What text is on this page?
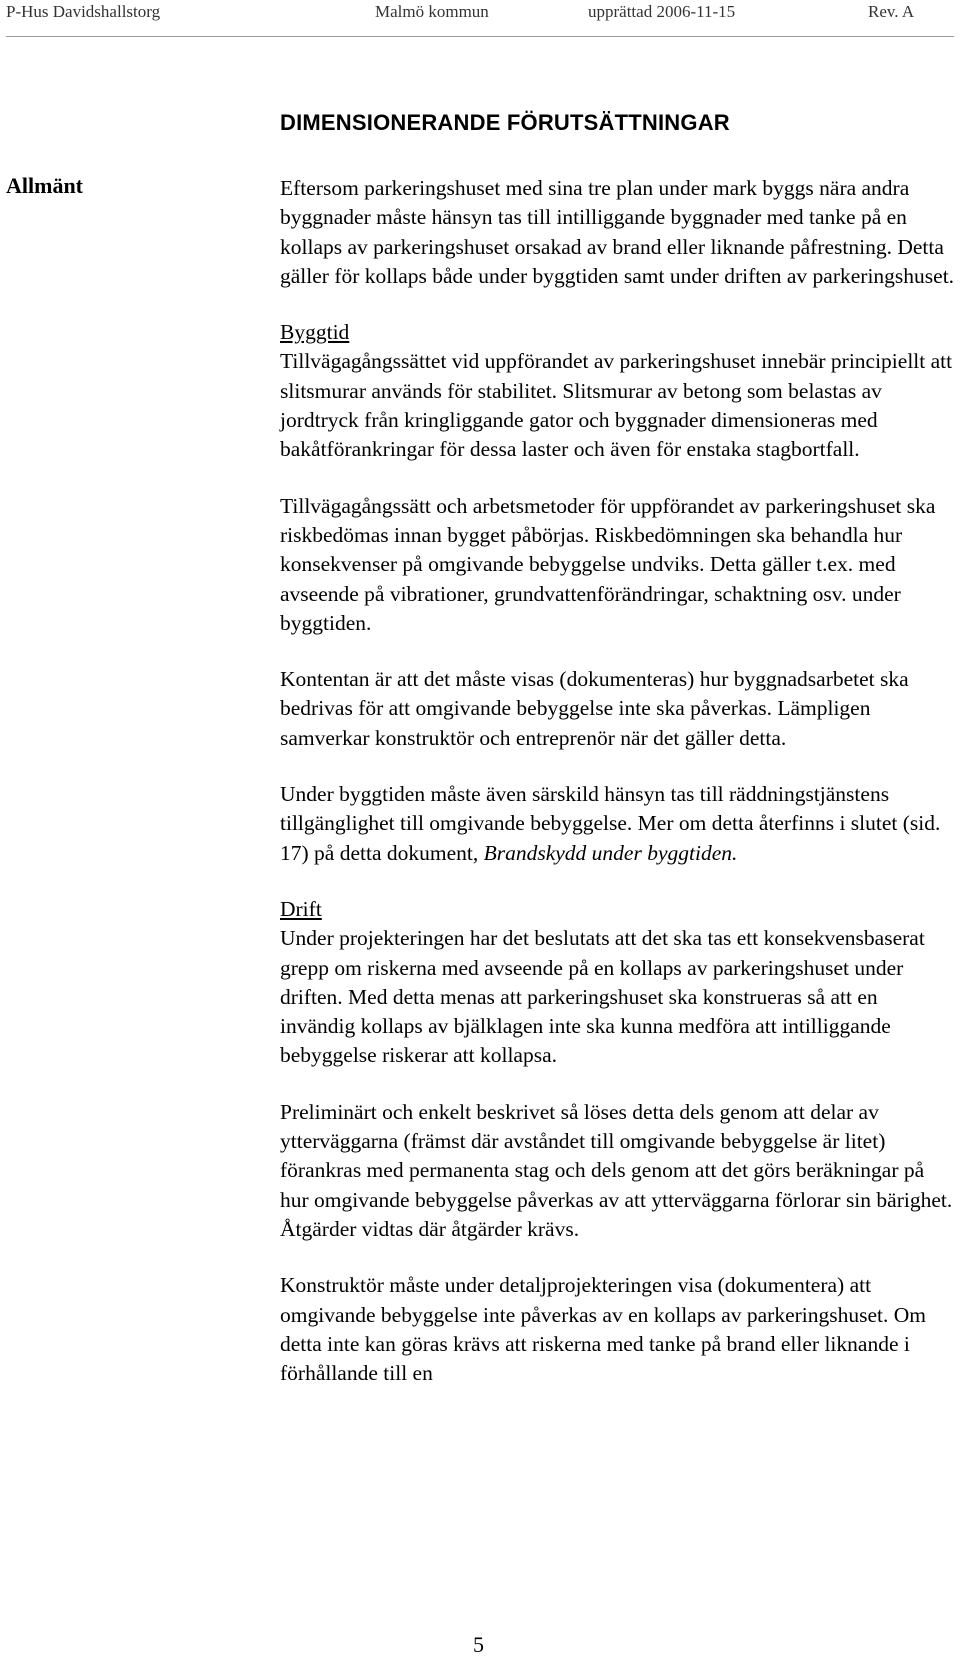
P-Hus Davidshallstorg	Malmö kommun	upprättad 2006-11-15	Rev. A
DIMENSIONERANDE FÖRUTSÄTTNINGAR
Allmänt	Eftersom parkeringshuset med sina tre plan under mark byggs nära andra byggnader måste hänsyn tas till intilliggande byggnader med tanke på en kollaps av parkeringshuset orsakad av brand eller liknande påfrestning. Detta gäller för kollaps både under byggtiden samt under driften av parkeringshuset.

Byggtid

Tillvägagångssättet vid uppförandet av parkeringshuset innebär principiellt att slitsmurar används för stabilitet. Slitsmurar av betong som belastas av jordtryck från kringliggande gator och byggnader dimensioneras med bakåtförankringar för dessa laster och även för enstaka stagbortfall.

Tillvägagångssätt och arbetsmetoder för uppförandet av parkeringshuset ska riskbedömas innan bygget påbörjas. Riskbedömningen ska behandla hur konsekvenser på omgivande bebyggelse undviks. Detta gäller t.ex. med avseende på vibrationer, grundvattenförändringar, schaktning osv. under byggtiden.

Kontentan är att det måste visas (dokumenteras) hur byggnadsarbetet ska bedrivas för att omgivande bebyggelse inte ska påverkas. Lämpligen samverkar konstruktör och entreprenör när det gäller detta.

Under byggtiden måste även särskild hänsyn tas till räddningstjänstens tillgänglighet till omgivande bebyggelse. Mer om detta återfinns i slutet (sid. 17) på detta dokument, Brandskydd under byggtiden.

Drift

Under projekteringen har det beslutats att det ska tas ett konsekvensbaserat grepp om riskerna med avseende på en kollaps av parkeringshuset under driften. Med detta menas att parkeringshuset ska konstrueras så att en invändig kollaps av bjälklagen inte ska kunna medföra att intilliggande bebyggelse riskerar att kollapsa.

Preliminärt och enkelt beskrivet så löses detta dels genom att delar av ytterväggarna (främst där avståndet till omgivande bebyggelse är litet) förankras med permanenta stag och dels genom att det görs beräkningar på hur omgivande bebyggelse påverkas av att ytterväggarna förlorar sin bärighet. Åtgärder vidtas där åtgärder krävs.

Konstruktör måste under detaljprojekteringen visa (dokumentera) att omgivande bebyggelse inte påverkas av en kollaps av parkeringshuset. Om detta inte kan göras krävs att riskerna med tanke på brand eller liknande i förhållande till en

5
